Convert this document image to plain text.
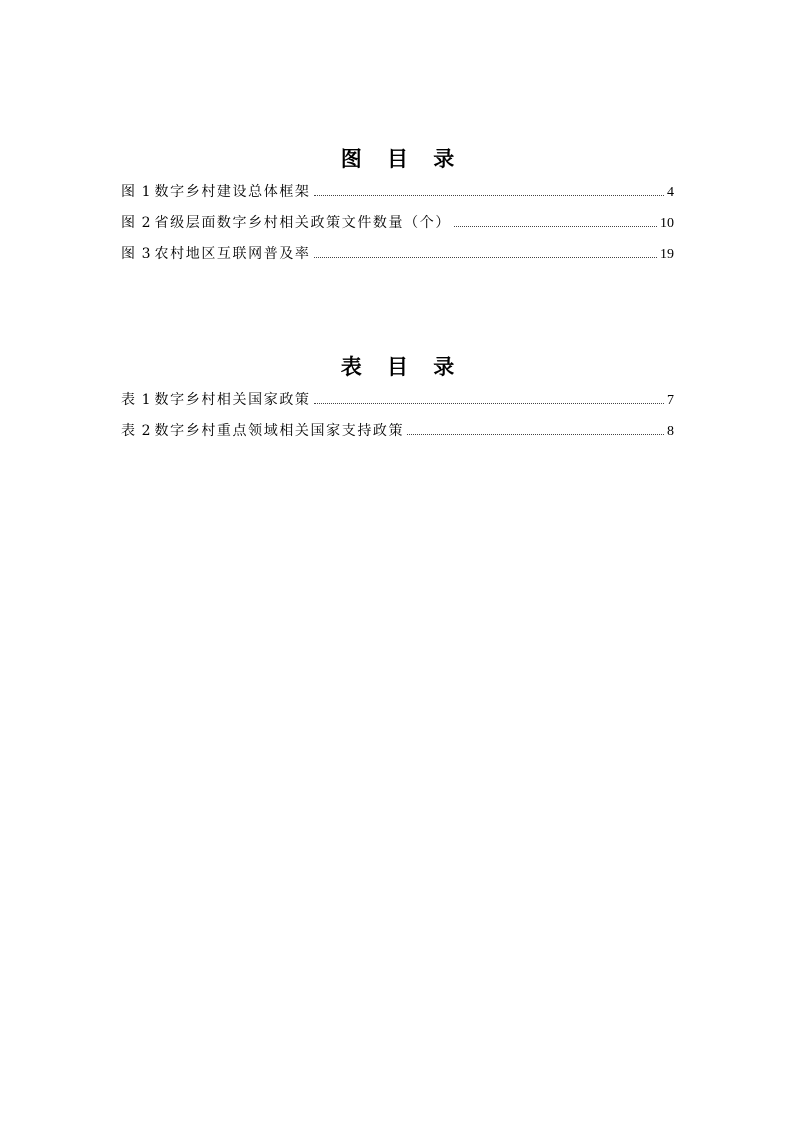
图 目 录
图 1 数字乡村建设总体框架	4
图 2 省级层面数字乡村相关政策文件数量（个）	10
图 3 农村地区互联网普及率	19
表 目 录
表 1 数字乡村相关国家政策	7
表 2 数字乡村重点领域相关国家支持政策	8
